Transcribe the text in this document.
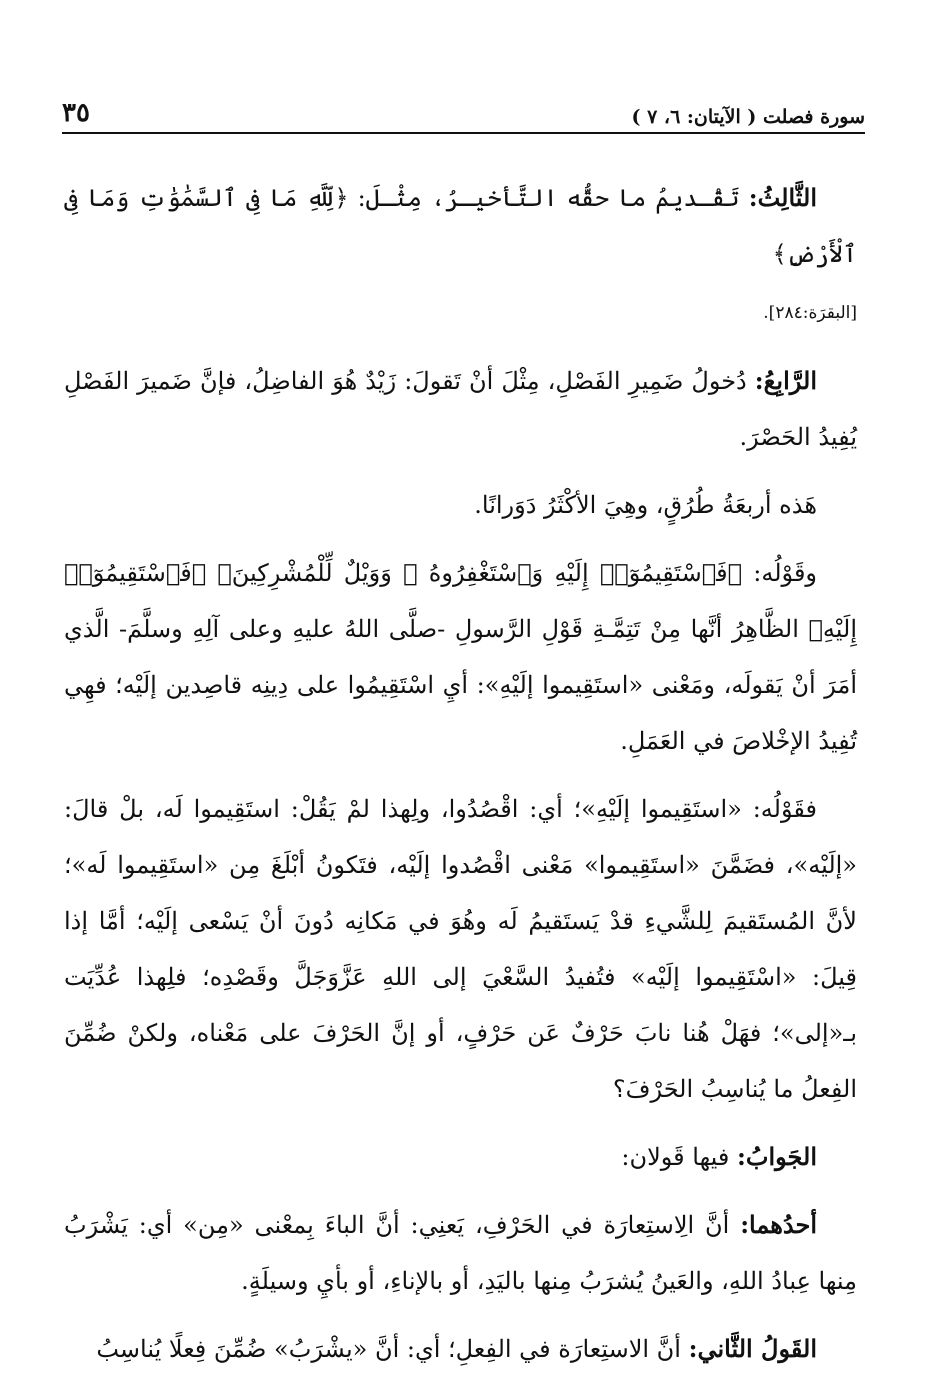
سورة فصلت ( الآيتان: ٦، ٧ )
٣٥

الثَّالِثُ: تَقْـديمُ ما حقُّه التَّأخيـرُ، مِثْـلَ: ﴿لِّلَّهِ مَا فِى ٱلسَّمَٰوَٰتِ وَمَا فِى ٱلْأَرْضِ﴾
[البقرَة:٢٨٤].

الرَّابِعُ: دُخولُ ضَمِيرِ الفَصْلِ، مِثْلَ أنْ تَقولَ: زَيْدٌ هُوَ الفاضِلُ، فإنَّ ضَميرَ الفَصْلِ يُفِيدُ الحَصْرَ.

هَذه أربعَةُ طُرُقٍ، وهِيَ الأكْثَرُ دَوَرانًا.

وقَوْلُه: ﴿فَٱسْتَقِيمُوٓا۟ إِلَيْهِ وَٱسْتَغْفِرُوهُ ۗ وَوَيْلٌ لِّلْمُشْرِكِينَ﴾ ﴿فَٱسْتَقِيمُوٓا۟ إِلَيْهِ﴾ الظَّاهِرُ أنَّها مِنْ تَتِمَّـةِ قَوْلِ الرَّسولِ -صلَّى اللهُ عليهِ وعلى آلِهِ وسلَّمَ- الَّذي أمَرَ أنْ يَقولَه، ومَعْنى «استَقِيموا إلَيْهِ»: أيِ اسْتَقِيمُوا على دِينِه قاصِدين إلَيْه؛ فهِي تُفِيدُ الإخْلاصَ في العَمَلِ.

فقَوْلُه: «استَقِيموا إلَيْهِ»؛ أي: اقْصُدُوا، ولِهذا لمْ يَقُلْ: استَقِيموا لَه، بلْ قالَ: «إلَيْه»، فضَمَّنَ «استَقِيموا» مَعْنى اقْصُدوا إلَيْه، فتَكونُ أبْلَغَ مِن «استَقِيموا لَه»؛ لأنَّ المُستَقيمَ لِلشَّيءِ قدْ يَستَقيمُ لَه وهُوَ في مَكانِه دُونَ أنْ يَسْعى إلَيْه؛ أمَّا إذا قِيلَ: «اسْتَقِيموا إلَيْه» فتُفيدُ السَّعْيَ إلى اللهِ عَزَّوَجَلَّ وقَصْدِه؛ فلِهذا عُدِّيَت بـ«إلى»؛ فهَلْ هُنا نابَ حَرْفٌ عَن حَرْفٍ، أو إنَّ الحَرْفَ على مَعْناه، ولكنْ ضُمِّنَ الفِعلُ ما يُناسِبُ الحَرْفَ؟

الجَوابُ: فيها قَولان:

أحدُهما: أنَّ الِاستِعارَة في الحَرْفِ، يَعنِي: أنَّ الباءَ بِمعْنى «مِن» أي: يَشْرَبُ مِنها عِبادُ اللهِ، والعَينُ يُشرَبُ مِنها باليَدِ، أو بالإناءِ، أو بأيِ وسيلَةٍ.

القَولُ الثَّاني: أنَّ الاستِعارَة في الفِعلِ؛ أي: أنَّ «يشْرَبُ» ضُمِّنَ فِعلًا يُناسِبُ
